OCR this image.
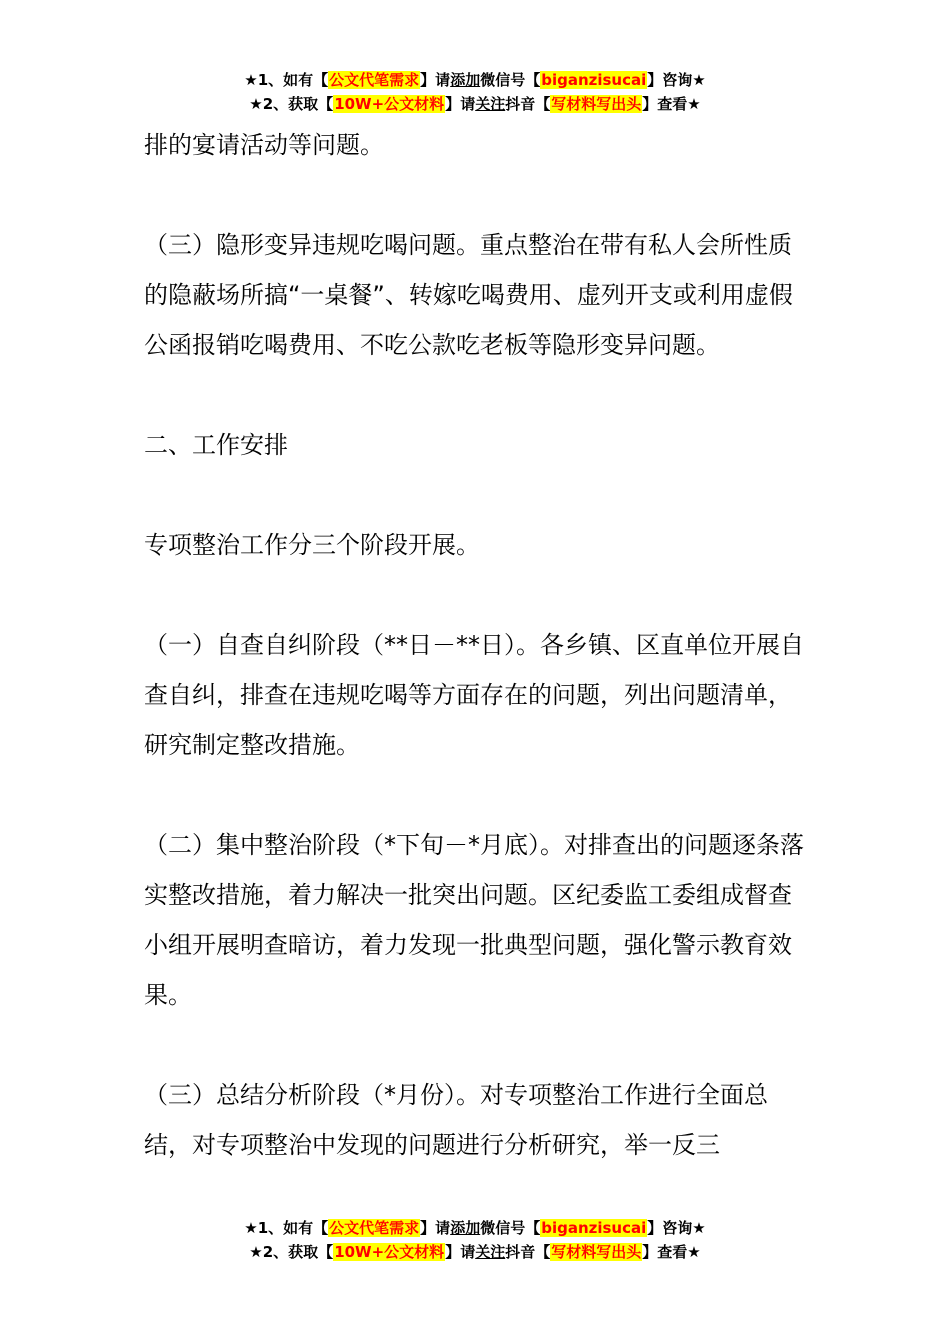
★1、如有【公文代笔需求】请添加微信号【biganzisucai】咨询★
★2、获取【10W+公文材料】请关注抖音【写材料写出头】查看★
排的宴请活动等问题。
（三）隐形变异违规吃喝问题。重点整治在带有私人会所性质的隐蔽场所搞“一桌餐”、转嫁吃喝费用、虚列开支或利用虚假公函报销吃喝费用、不吃公款吃老板等隐形变异问题。
二、工作安排
专项整治工作分三个阶段开展。
（一）自查自纠阶段（**日－**日）。各乡镇、区直单位开展自查自纠，排查在违规吃喝等方面存在的问题，列出问题清单，研究制定整改措施。
（二）集中整治阶段（*下旬－*月底）。对排查出的问题逐条落实整改措施，着力解决一批突出问题。区纪委监工委组成督查小组开展明查暗访，着力发现一批典型问题，强化警示教育效果。
（三）总结分析阶段（*月份）。对专项整治工作进行全面总结，对专项整治中发现的问题进行分析研究，举一反三
★1、如有【公文代笔需求】请添加微信号【biganzisucai】咨询★
★2、获取【10W+公文材料】请关注抖音【写材料写出头】查看★
